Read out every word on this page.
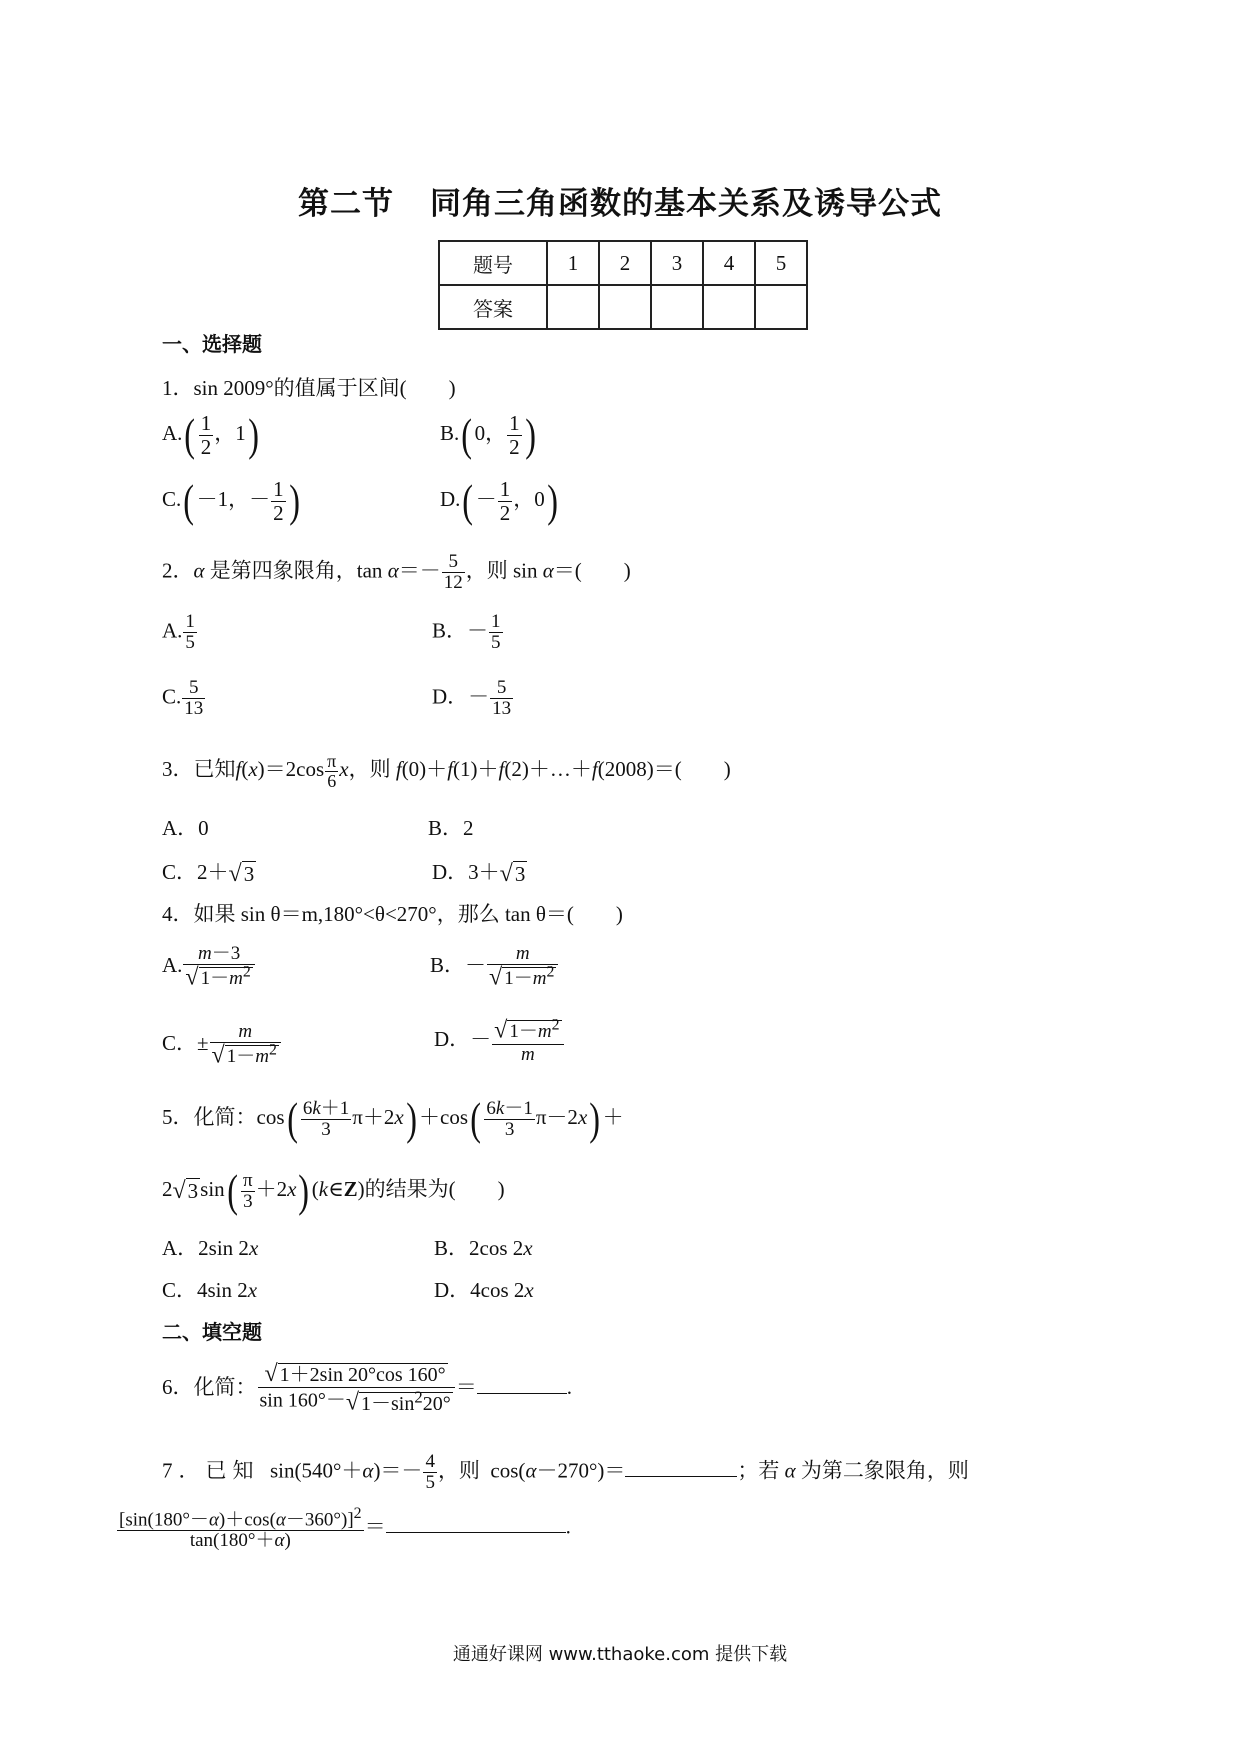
第二节 同角三角函数的基本关系及诱导公式
题号	1	2	3	4	5
答案					
一、选择题
1．sin 2009°的值属于区间(　　)
$A.( \frac{1}{2}$ ，1)	B.( 0， $\frac{1}{2}$ )
C.( －1，－ $\frac{1}{2}$ )	$D.( - \frac{1}{2}$ ，0)
2．α 是第四象限角，$\tan \alpha=- \frac{5}{12}$ ，则 sin α＝(　　)
A. $\frac{1}{5}$	B．－ $\frac{1}{5}$
C. $\frac{5}{13}$	D．－ $\frac{5}{13}$
3．已知$f(x)=2\cos \frac{\pi}{6}$ x，则 f(0)＋f(1)＋f(2)＋…＋f(2008)＝(　　)
A．0	B．2
C．2＋√3	D．3＋√3
4．如果 sin θ＝m,180°<θ<270°，那么 tan θ＝(　　)
A. $\frac{m-3}{√ 1-m^2}$	B．－ $\frac{m}{√ 1-m^2}$
C．± $\frac{m}{√ 1-m^2}$	D．－ $\frac{√ 1-m^2}{m}$
5．化简：$\cos( \frac{6k+1}{3} \pi+2x) +\cos( \frac{6k-1}{3} \pi-2x)$ ＋
$2√3\sin( \frac{\pi}{3} +2x)$ (k∈Z)的结果为(　　)
A．2sin 2x	B．2cos 2x
C．4sin 2x	D．4cos 2x
二、填空题
6．化简： $\frac{√ 1+2\sin 20^\circ\cos 160^\circ}{\sin 160^\circ-√ 1-\sin^220^\circ}$ ＝	.
7．已知  $\sin(540^\circ+\alpha)=- \frac{4}{5}$ ，则  cos(α－270°)＝	；若 α 为第二象限角，则
$\frac{[\sin(180^\circ-\alpha)+\cos(\alpha-360^\circ)]^2}{\tan(180^\circ+\alpha)}$ ＝	.
通通好课网 www.tthaoke.com 提供下载
